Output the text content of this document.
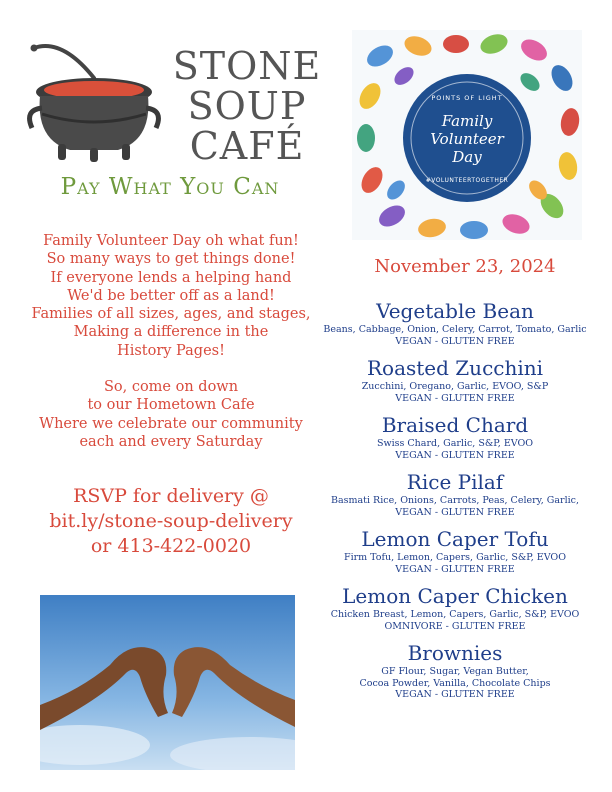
STONE
SOUP
CAFÉ
Pay What You Can
Family Volunteer Day oh what fun!
So many ways to get things done!
If everyone lends a helping hand
We'd be better off as a land!
Families of all sizes, ages, and stages,
Making a difference in the
History Pages!
So, come on down
to our Hometown Cafe
Where we celebrate our community
each and every Saturday
RSVP for delivery @
bit.ly/stone-soup-delivery
or 413-422-0020
POINTS OF LIGHT
Family
Volunteer
Day
#VOLUNTEERTOGETHER
November 23, 2024
Vegetable Bean
Beans, Cabbage, Onion, Celery, Carrot, Tomato, Garlic
VEGAN - GLUTEN FREE
Roasted Zucchini
Zucchini, Oregano, Garlic, EVOO, S&P
VEGAN - GLUTEN FREE
Braised Chard
Swiss Chard, Garlic, S&P, EVOO
VEGAN - GLUTEN FREE
Rice Pilaf
Basmati Rice, Onions, Carrots, Peas, Celery, Garlic,
VEGAN - GLUTEN FREE
Lemon Caper Tofu
Firm Tofu, Lemon, Capers, Garlic, S&P, EVOO
VEGAN - GLUTEN FREE
Lemon Caper Chicken
Chicken Breast, Lemon, Capers, Garlic, S&P, EVOO
OMNIVORE - GLUTEN FREE
Brownies
GF Flour, Sugar, Vegan Butter,
Cocoa Powder, Vanilla, Chocolate Chips
VEGAN - GLUTEN FREE
